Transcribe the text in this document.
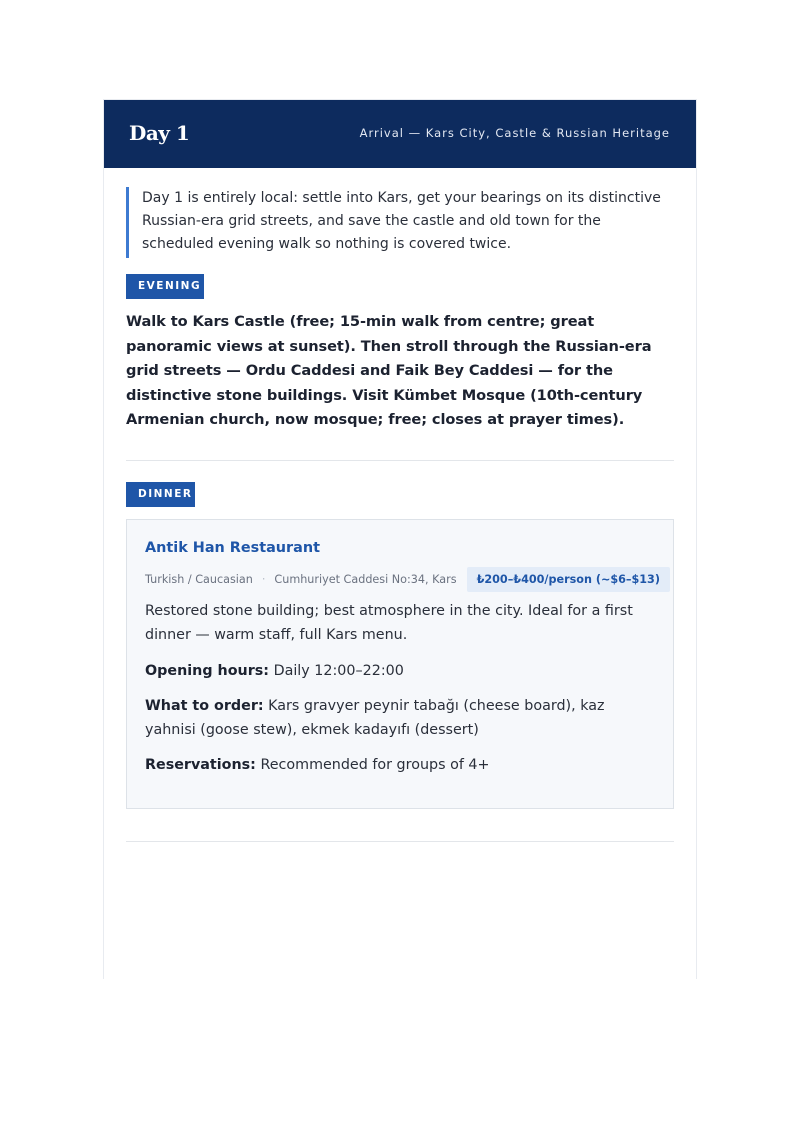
Day 1	Arrival — Kars City, Castle & Russian Heritage

Day 1 is entirely local: settle into Kars, get your bearings on its distinctive Russian-era grid streets, and save the castle and old town for the scheduled evening walk so nothing is covered twice.
EVENING
Walk to Kars Castle (free; 15-min walk from centre; great panoramic views at sunset). Then stroll through the Russian-era grid streets — Ordu Caddesi and Faik Bey Caddesi — for the distinctive stone buildings. Visit Kümbet Mosque (10th-century Armenian church, now mosque; free; closes at prayer times).
DINNER
Antik Han Restaurant
Turkish / Caucasian · Cumhuriyet Caddesi No:34, Kars	₺200–₺400/person (~$6–$13)
Restored stone building; best atmosphere in the city. Ideal for a first dinner — warm staff, full Kars menu.
Opening hours: Daily 12:00–22:00
What to order: Kars gravyer peynir tabağı (cheese board), kaz yahnisi (goose stew), ekmek kadayıfı (dessert)
Reservations: Recommended for groups of 4+
